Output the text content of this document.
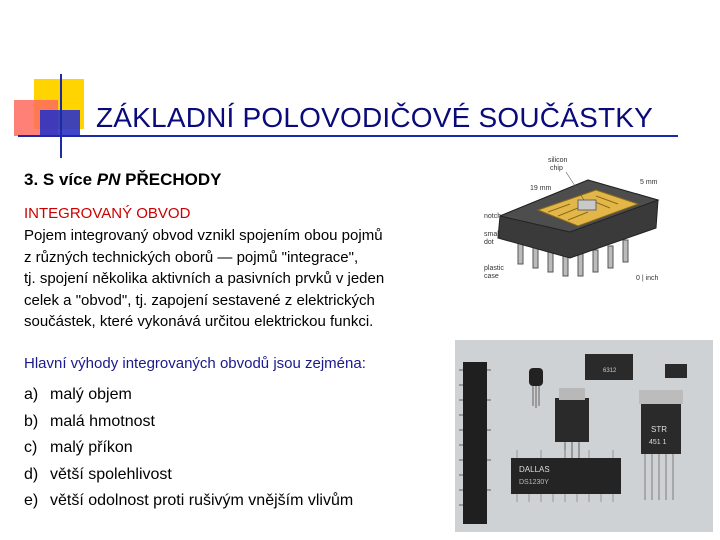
ZÁKLADNÍ POLOVODIČOVÉ SOUČÁSTKY
3. S více PN PŘECHODY
INTEGROVANÝ OBVOD
Pojem integrovaný obvod vznikl spojením obou pojmů
z různých technických oborů — pojmů "integrace",
tj. spojení několika aktivních a pasivních prvků v jeden
celek a "obvod", tj. zapojení sestavené z elektrických
součástek, které vykonává určitou elektrickou funkci.
Hlavní výhody integrovaných obvodů jsou zejména:
a) malý objem
b) malá hmotnost
c) malý příkon
d) větší spolehlivost
e) větší odolnost proti rušivým vnějším vlivům
silicon
chip
19 mm
5 mm
notch
small
dot
plastic
case	0 | inch
6312
STR
451 1
DALLAS
DS1230Y
